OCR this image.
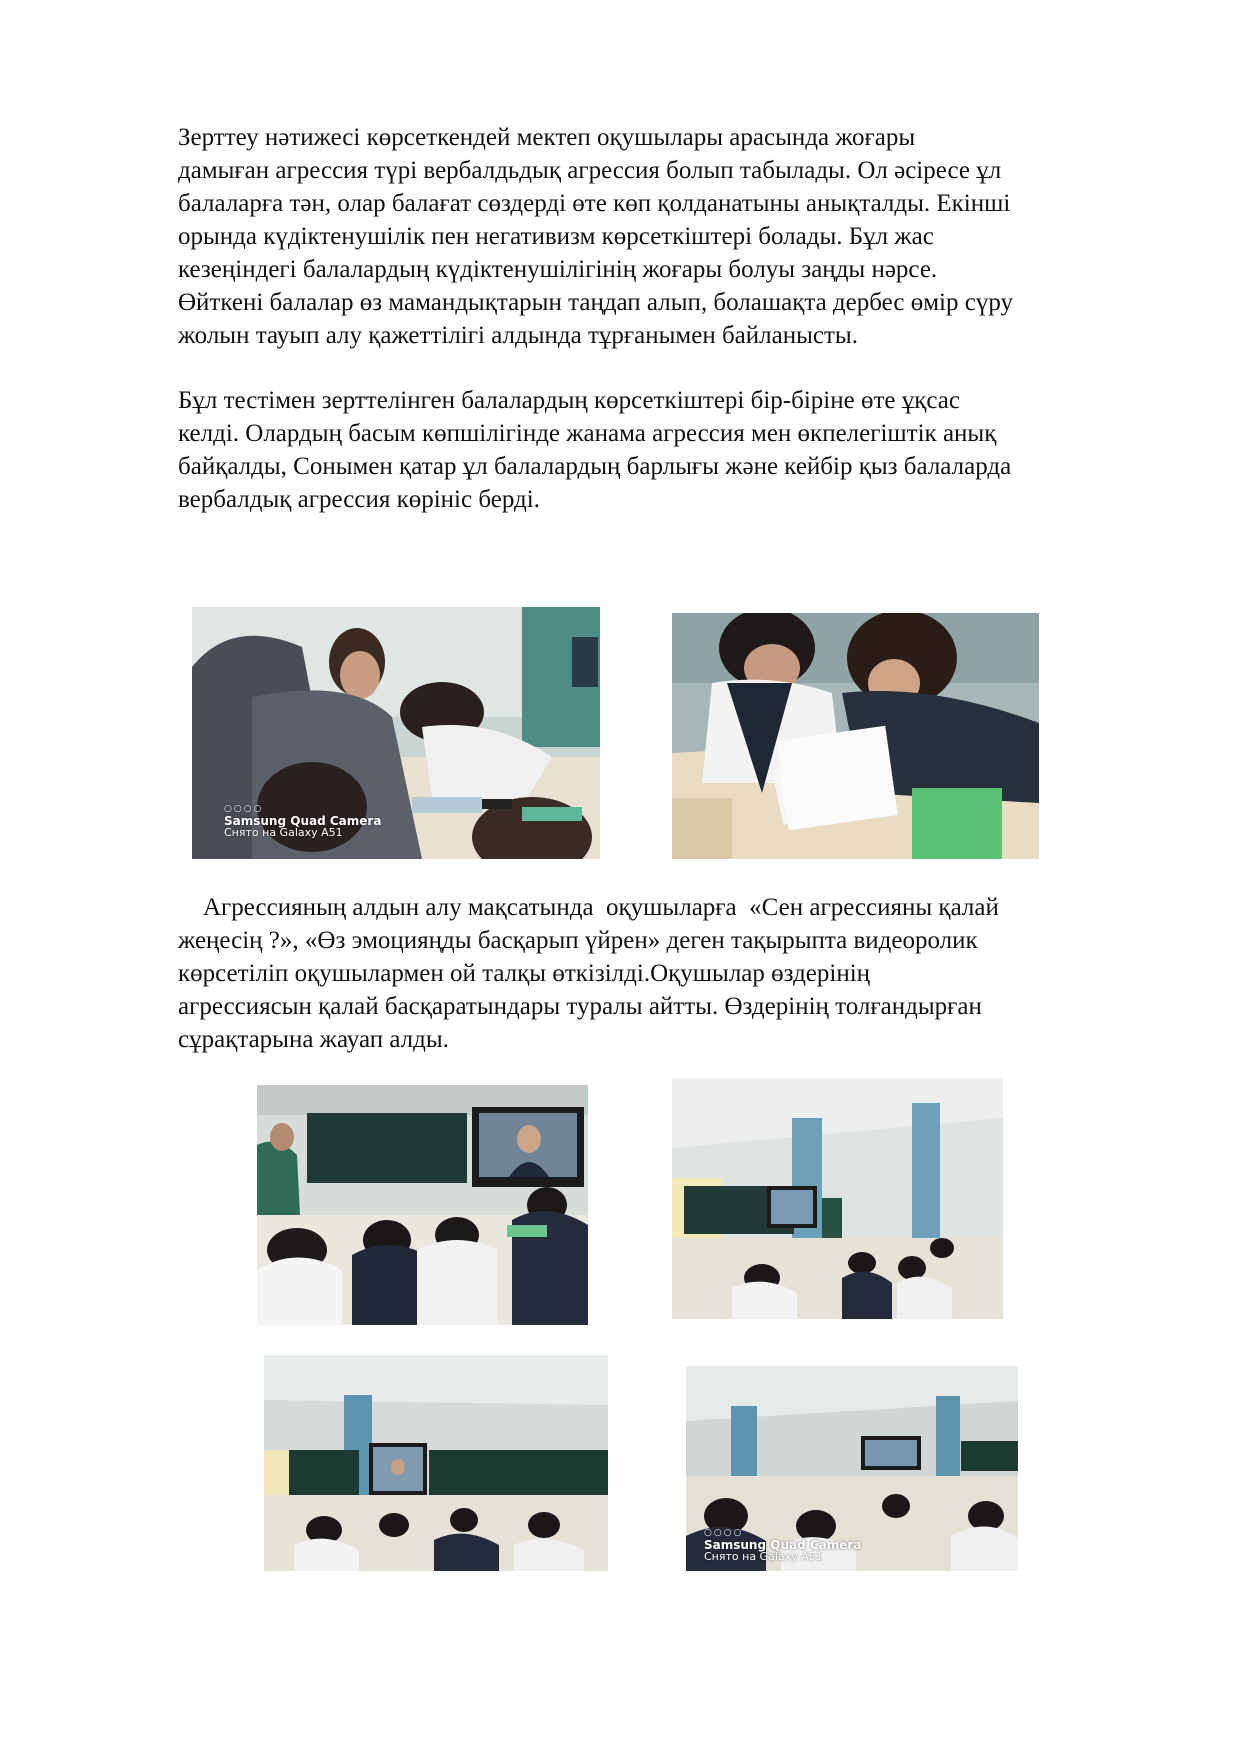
Зерттеу нәтижесі көрсеткендей мектеп оқушылары арасында жоғары
дамыған агрессия түрі вербалдьдық агрессия болып табылады. Ол әсіресе ұл
балаларға тән, олар балағат сөздерді өте көп қолданатыны анықталды. Екінші
орында күдіктенушілік пен негативизм көрсеткіштері болады. Бұл жас
кезеңіндегі балалардың күдіктенушілігінің жоғары болуы заңды нәрсе.
Өйткені балалар өз мамандықтарын таңдап алып, болашақта дербес өмір сүру
жолын тауып алу қажеттілігі алдында тұрғанымен байланысты.
Бұл тестімен зерттелінген балалардың көрсеткіштері бір-біріне өте ұқсас
келді. Олардың басым көпшілігінде жанама агрессия мен өкпелегіштік анық
байқалды, Сонымен қатар ұл балалардың барлығы және кейбір қыз балаларда
вербалдық агрессия көрініс берді.
○○○○
Samsung Quad Camera
Снято на Galaxy A51
Агрессияның алдын алу мақсатында  оқушыларға  «Сен агрессияны қалай
жеңесің ?», «Өз эмоцияңды басқарып үйрен» деген тақырыпта видеоролик
көрсетіліп оқушылармен ой талқы өткізілді.Оқушылар өздерінің
агрессиясын қалай басқаратындары туралы айтты. Өздерінің толғандырған
сұрақтарына жауап алды.
○○○○
Samsung Quad Camera
Снято на Galaxy A51
